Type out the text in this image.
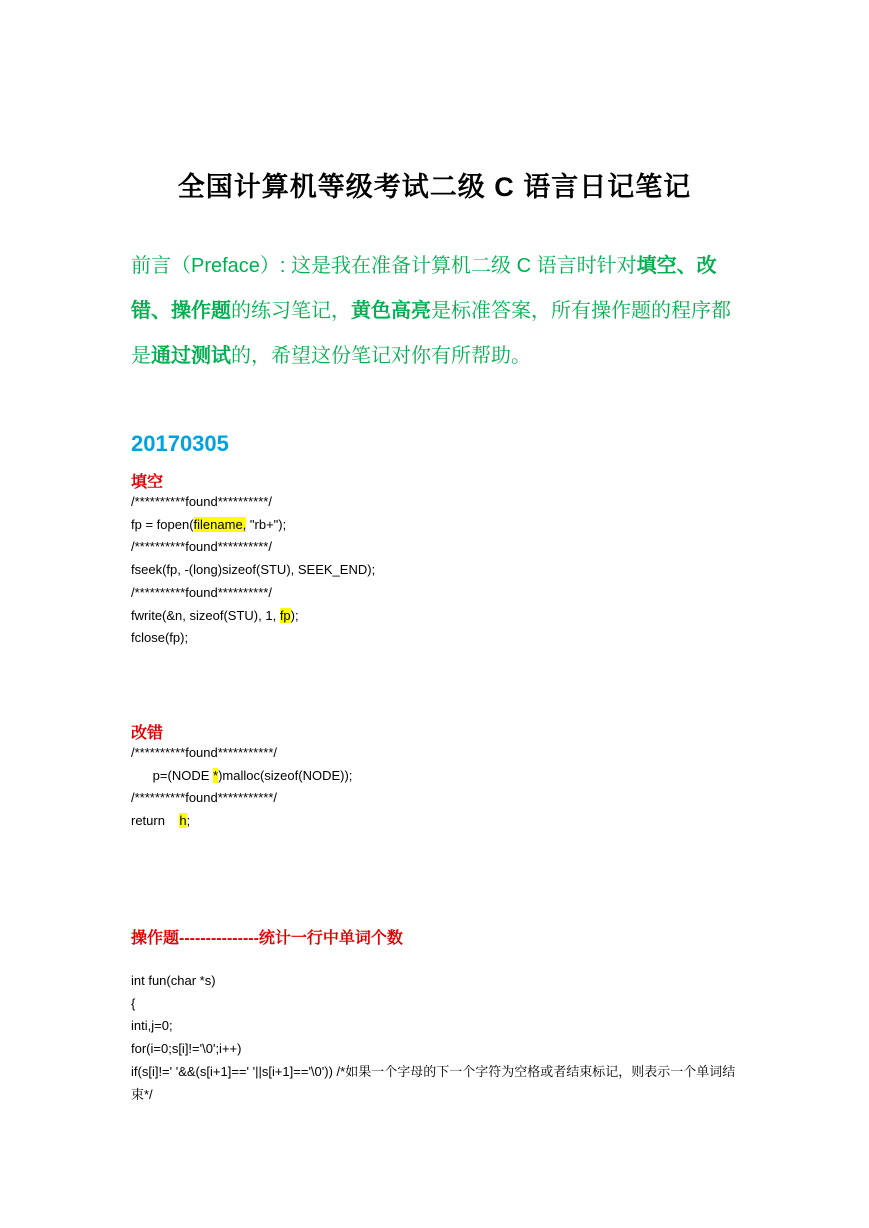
全国计算机等级考试二级 C 语言日记笔记

前言（Preface）: 这是我在准备计算机二级 C 语言时针对填空、改错、操作题的练习笔记，黄色高亮是标准答案，所有操作题的程序都是通过测试的，希望这份笔记对你有所帮助。

20170305
填空
/**********found**********/
fp = fopen(filename, "rb+");
/**********found**********/
fseek(fp, -(long)sizeof(STU), SEEK_END);
/**********found**********/
fwrite(&n, sizeof(STU), 1, fp);
fclose(fp);
改错
/**********found***********/
p=(NODE *)malloc(sizeof(NODE));
/**********found***********/
return    h;
操作题---------------统计一行中单词个数
int fun(char *s)
{
inti,j=0;
for(i=0;s[i]!='\0';i++)
if(s[i]!=' '&&(s[i+1]==' '||s[i+1]=='\0')) /*如果一个字母的下一个字符为空格或者结束标记，则表示一个单词结束*/
